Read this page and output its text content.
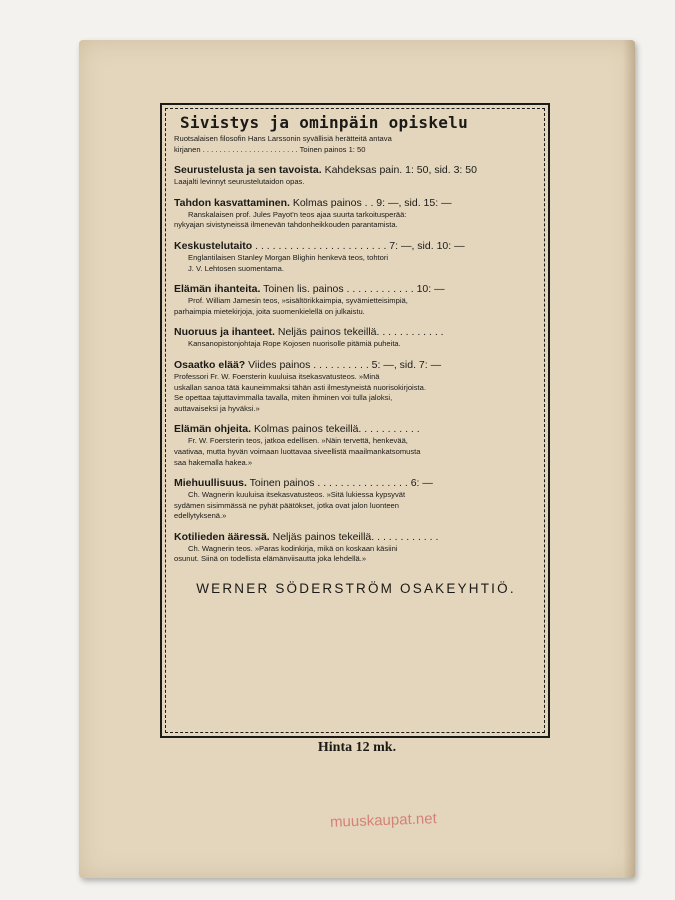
Sivistys ja ominpäin opiskelu
Ruotsalaisen filosofin Hans Larssonin syvällisiä herätteitä antava
kirjanen . . . . . . . . . . . . . . . . . . . . . . . Toinen painos 1: 50
Seurustelusta ja sen tavoista. Kahdeksas pain. 1: 50, sid. 3: 50
Laajalti levinnyt seurustelutaidon opas.
Tahdon kasvattaminen. Kolmas painos . . 9: —, sid. 15: —
Ranskalaisen prof. Jules Payot'n teos ajaa suurta tarkoitusperää:
nykyajan sivistyneissä ilmenevän tahdonheikkouden parantamista.
Keskustelutaito . . . . . . . . . . . . . . . . . . . . . . . 7: —, sid. 10: —
Englantilaisen Stanley Morgan Blighin henkevä teos, tohtori
J. V. Lehtosen suomentama.
Elämän ihanteita. Toinen lis. painos . . . . . . . . . . . . 10: —
Prof. William Jamesin teos, »sisältörikkaimpia, syvämietteisimpiä,
parhaimpia mietekirjoja, joita suomenkielellä on julkaistu.
Nuoruus ja ihanteet. Neljäs painos tekeillä. . . . . . . . . . . .
Kansanopistonjohtaja Rope Kojosen nuorisolle pitämiä puheita.
Osaatko elää? Viides painos . . . . . . . . . . 5: —, sid. 7: —
Professori Fr. W. Foersterin kuuluisa itsekasvatusteos. »Minä
uskallan sanoa tätä kauneimmaksi tähän asti ilmestyneistä nuorisokirjoista.
Se opettaa tajuttavimmalla tavalla, miten ihminen voi tulla jaloksi,
auttavaiseksi ja hyväksi.»
Elämän ohjeita. Kolmas painos tekeillä. . . . . . . . . . .
Fr. W. Foersterin teos, jatkoa edellisen. »Näin tervettä, henkevää,
vaativaa, mutta hyvän voimaan luottavaa siveellistä maailmankatsomusta
saa hakemalla hakea.»
Miehuullisuus. Toinen painos . . . . . . . . . . . . . . . . 6: —
Ch. Wagnerin kuuluisa itsekasvatusteos. »Sitä lukiessa kypsyvät
sydämen sisimmässä ne pyhät päätökset, jotka ovat jalon luonteen
edellytyksenä.»
Kotilieden ääressä. Neljäs painos tekeillä. . . . . . . . . . . .
Ch. Wagnerin teos. »Paras kodinkirja, mikä on koskaan käsiini
osunut. Siinä on todellista elämänviisautta joka lehdellä.»
WERNER SÖDERSTRÖM OSAKEYHTIÖ.
Hinta 12 mk.
muuskaupat.net
